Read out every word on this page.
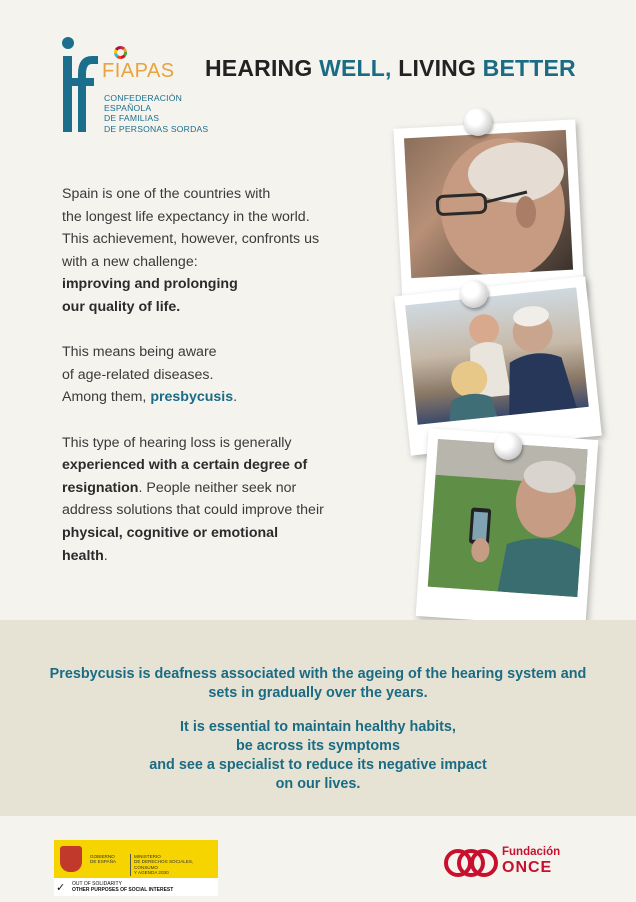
FIAPAS
CONFEDERACIÓN
ESPAÑOLA
DE FAMILIAS
DE PERSONAS SORDAS
HEARING WELL, LIVING BETTER

Spain is one of the countries with
the longest life expectancy in the world.
This achievement, however, confronts us
with a new challenge:
improving and prolonging
our quality of life.

This means being aware
of age-related diseases.
Among them, presbycusis.

This type of hearing loss is generally
experienced with a certain degree of
resignation. People neither seek nor
address solutions that could improve their
physical, cognitive or emotional
health.

Presbycusis is deafness associated with the ageing of the hearing system and
sets in gradually over the years.

It is essential to maintain healthy habits,
be across its symptoms
and see a specialist to reduce its negative impact
on our lives.

GOBIERNO
DE ESPAÑA
MINISTERIO
DE DERECHOS SOCIALES, CONSUMO
Y AGENDA 2030
✓ OUT OF SOLIDARITY
OTHER PURPOSES OF SOCIAL INTEREST
Fundación
ONCE
